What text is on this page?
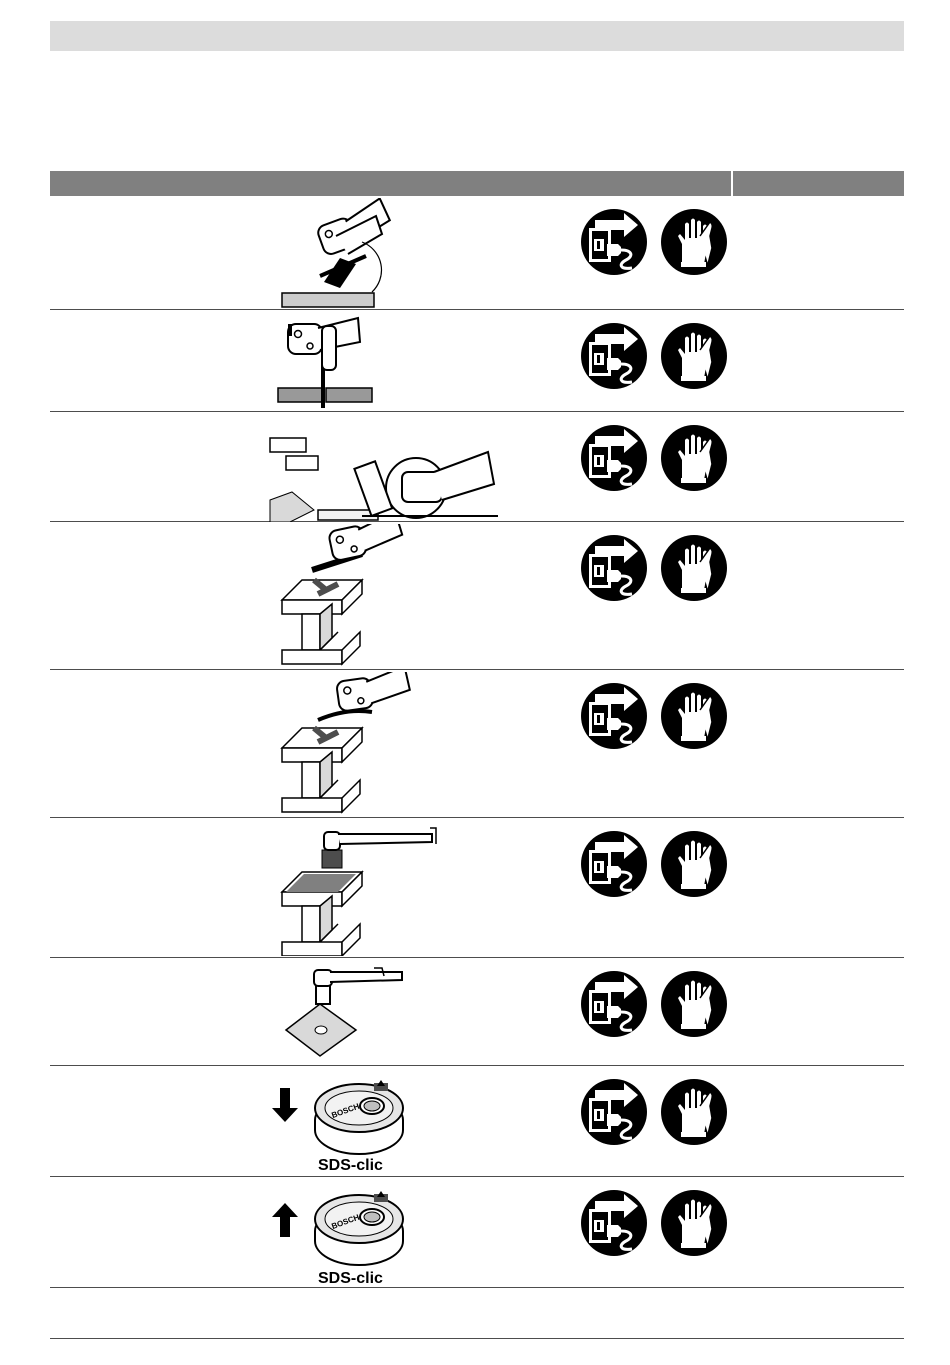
SDS-clic
SDS-clic
